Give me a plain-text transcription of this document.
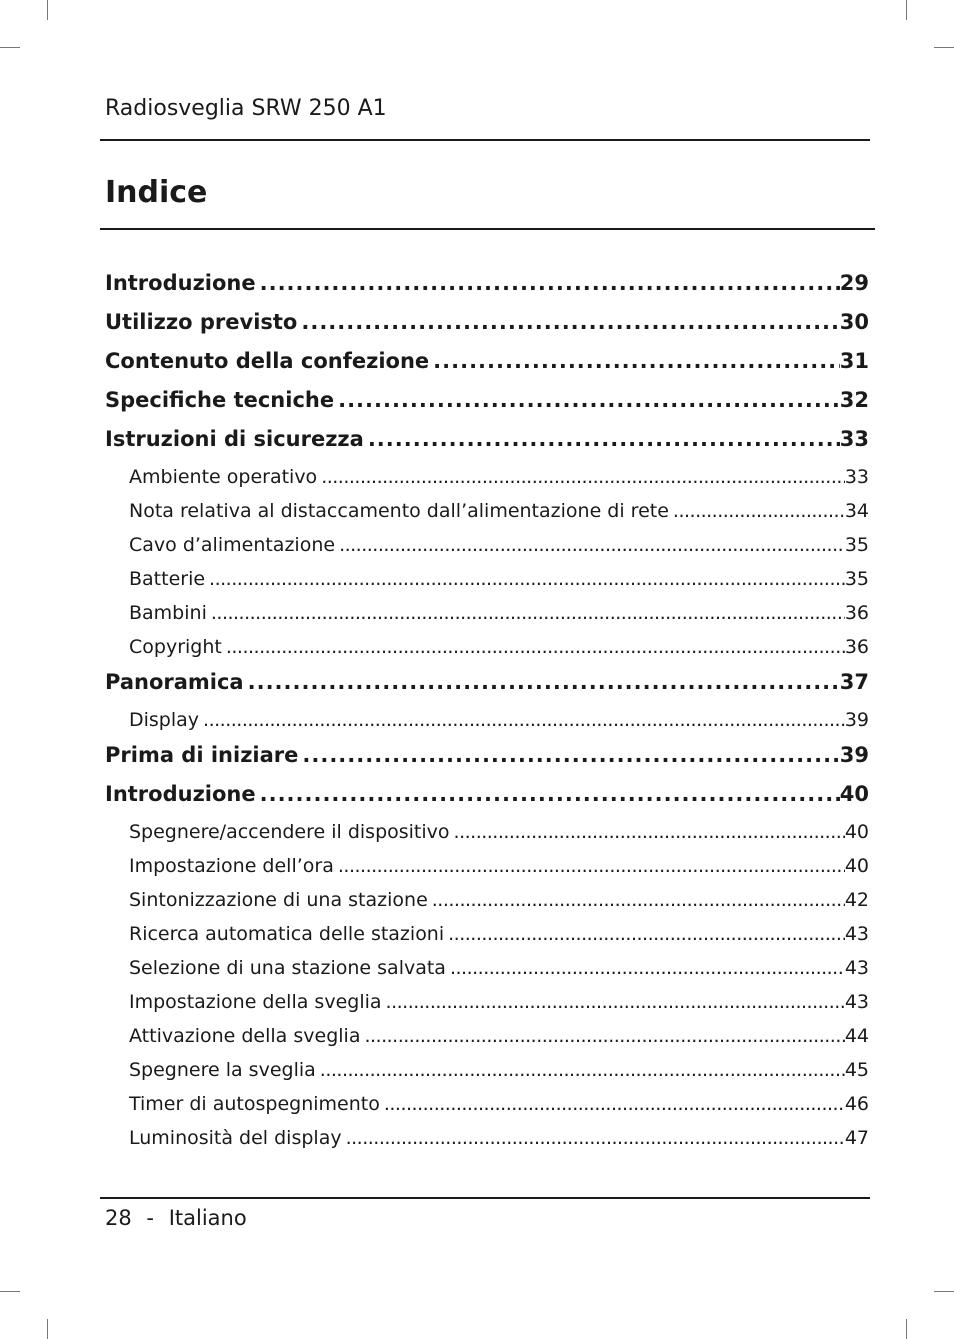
Radiosveglia SRW 250 A1
Indice
Introduzione .....	29
Utilizzo previsto .....	30
Contenuto della confezione .....	31
Specifiche tecniche .....	32
Istruzioni di sicurezza .....	33
Ambiente operativo .....	33
Nota relativa al distaccamento dall’alimentazione di rete .....	34
Cavo d’alimentazione .....	35
Batterie .....	35
Bambini .....	36
Copyright .....	36
Panoramica .....	37
Display .....	39
Prima di iniziare .....	39
Introduzione .....	40
Spegnere/accendere il dispositivo .....	40
Impostazione dell’ora .....	40
Sintonizzazione di una stazione .....	42
Ricerca automatica delle stazioni .....	43
Selezione di una stazione salvata .....	43
Impostazione della sveglia .....	43
Attivazione della sveglia .....	44
Spegnere la sveglia .....	45
Timer di autospegnimento .....	46
Luminosità del display .....	47
28 - Italiano
